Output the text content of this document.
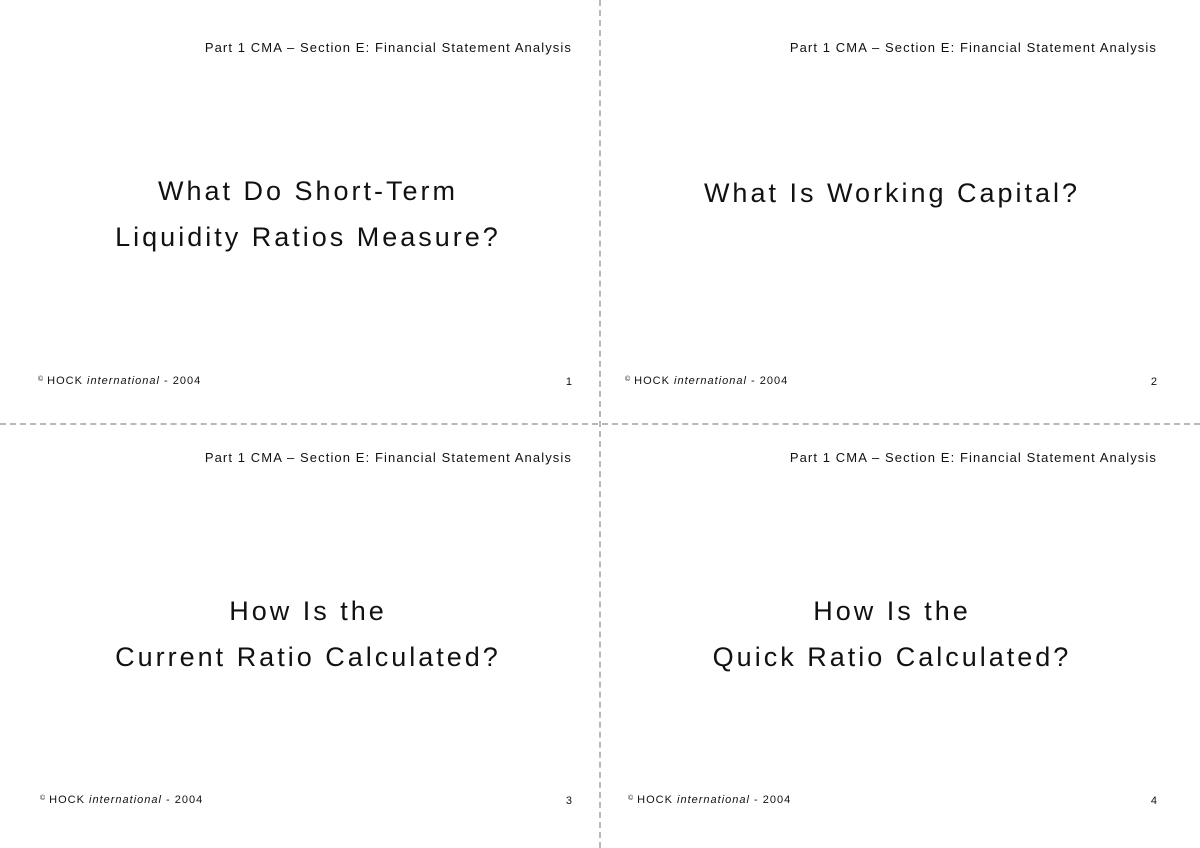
Part 1 CMA – Section E: Financial Statement Analysis
What Do Short-Term
Liquidity Ratios Measure?
© HOCK international - 2004	1
Part 1 CMA – Section E: Financial Statement Analysis
What Is Working Capital?
© HOCK international - 2004	2
Part 1 CMA – Section E: Financial Statement Analysis
How Is the
Current Ratio Calculated?
© HOCK international - 2004	3
Part 1 CMA – Section E: Financial Statement Analysis
How Is the
Quick Ratio Calculated?
© HOCK international - 2004	4
